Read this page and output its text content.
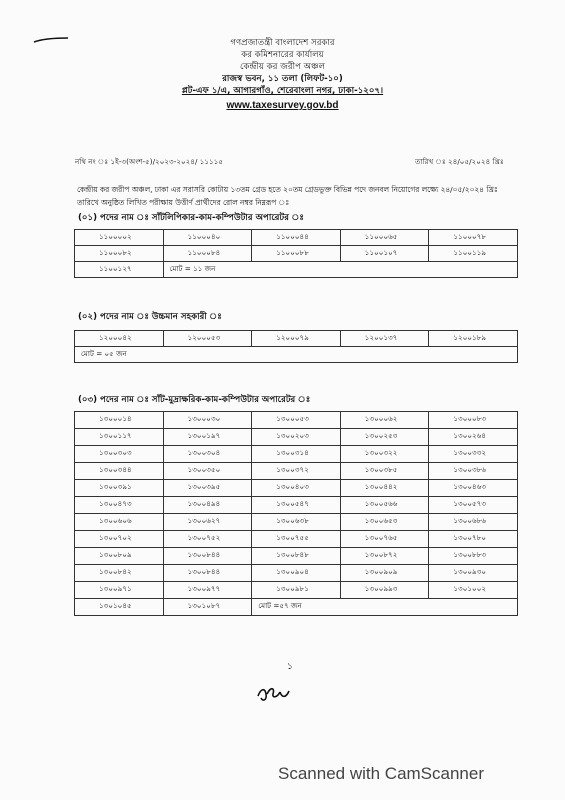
গণপ্রজাতন্ত্রী বাংলাদেশ সরকার
কর কমিশনারের কার্যালয়
কেন্দ্রীয় কর জরীপ অঞ্চল
রাজস্ব ভবন, ১১ তলা (লিফট-১০)
প্লট-এফ ১/এ, আগারগাঁও, শেরেবাংলা নগর, ঢাকা-১২০৭।
www.taxesurvey.gov.bd
নথি নং ঃ ১ই-৩(অংশ-৫)/২০২৩-২০২৪/ ১১১১৫	তারিখ ঃ ২৪/০৫/২০২৪ খ্রিঃ
কেন্দ্রীয় কর জরীপ অঞ্চল, ঢাকা এর সরাসরি কোটায় ১৩তম গ্রেড হতে ২০তম গ্রেডভুক্ত বিভিন্ন পদে জনবল নিয়োগের লক্ষ্যে ২৪/০৫/২০২৪ খ্রিঃ তারিখে অনুষ্ঠিত লিখিত পরীক্ষায় উত্তীর্ণ প্রার্থীদের রোল নম্বর নিম্নরূপ ঃ
(০১) পদের নাম ঃ সাঁটলিপিকার-কাম-কম্পিউটার অপারেটর ঃ
১১০০০০২	১১০০০৪০	১১০০০৪৪	১১০০০৬৫	১১০০০৭৮
১১০০০৮২	১১০০০৮৪	১১০০০৮৮	১১০০১০৭	১১০০১১৯
১১০০১২৭	মোট = ১১ জন			
(০২) পদের নাম ঃ উচ্চমান সহকারী ঃ
১২০০০৪২	১২০০০৫৩	১২০০০৭৯	১২০০১৩৭	১২০০১৮৯
মোট = ০৫ জন
(০৩) পদের নাম ঃ সাঁট-মুদ্রাক্ষরিক-কাম-কম্পিউটার অপারেটর ঃ
১৩০০০১৪	১৩০০০৩০	১৩০০০৫৩	১৩০০০৬২	১৩০০০৮৩
১৩০০১১৭	১৩০০১৯৭	১৩০০২০৩	১৩০০২৫৩	১৩০০২৬৪
১৩০০৩০৩	১৩০০৩০৪	১৩০০৩১৪	১৩০০৩২২	১৩০০৩৩২
১৩০০৩৪৪	১৩০০৩৫০	১৩০০৩৭২	১৩০০৩৮৫	১৩০০৩৮৬
১৩০০৩৯১	১৩০০৩৯৫	১৩০০৪০৩	১৩০০৪৪২	১৩০০৪৬৩
১৩০০৪৭৩	১৩০০৪৯৪	১৩০০৫৪৭	১৩০০৫৬৬	১৩০০৫৭৩
১৩০০৬০৬	১৩০০৬২৭	১৩০০৬৩৮	১৩০০৬৫৩	১৩০০৬৮৬
১৩০০৭০২	১৩০০৭৫২	১৩০০৭৫৫	১৩০০৭৬৫	১৩০০৭৮০
১৩০০৮০৯	১৩০০৮৪৪	১৩০০৮৪৮	১৩০০৮৭২	১৩০০৮৮৩
১৩০০৮৪২	১৩০০৮৪৪	১৩০০৯০৪	১৩০০৯০৯	১৩০০৯৩০
১৩০০৯৭১	১৩০০৯৭৭	১৩০০৯৮১	১৩০০৯৯৩	১৩০১০০২
১৩০১০৪৫	১৩০১০৮৭	মোট =৫৭ জন		
১
Scanned with CamScanner
